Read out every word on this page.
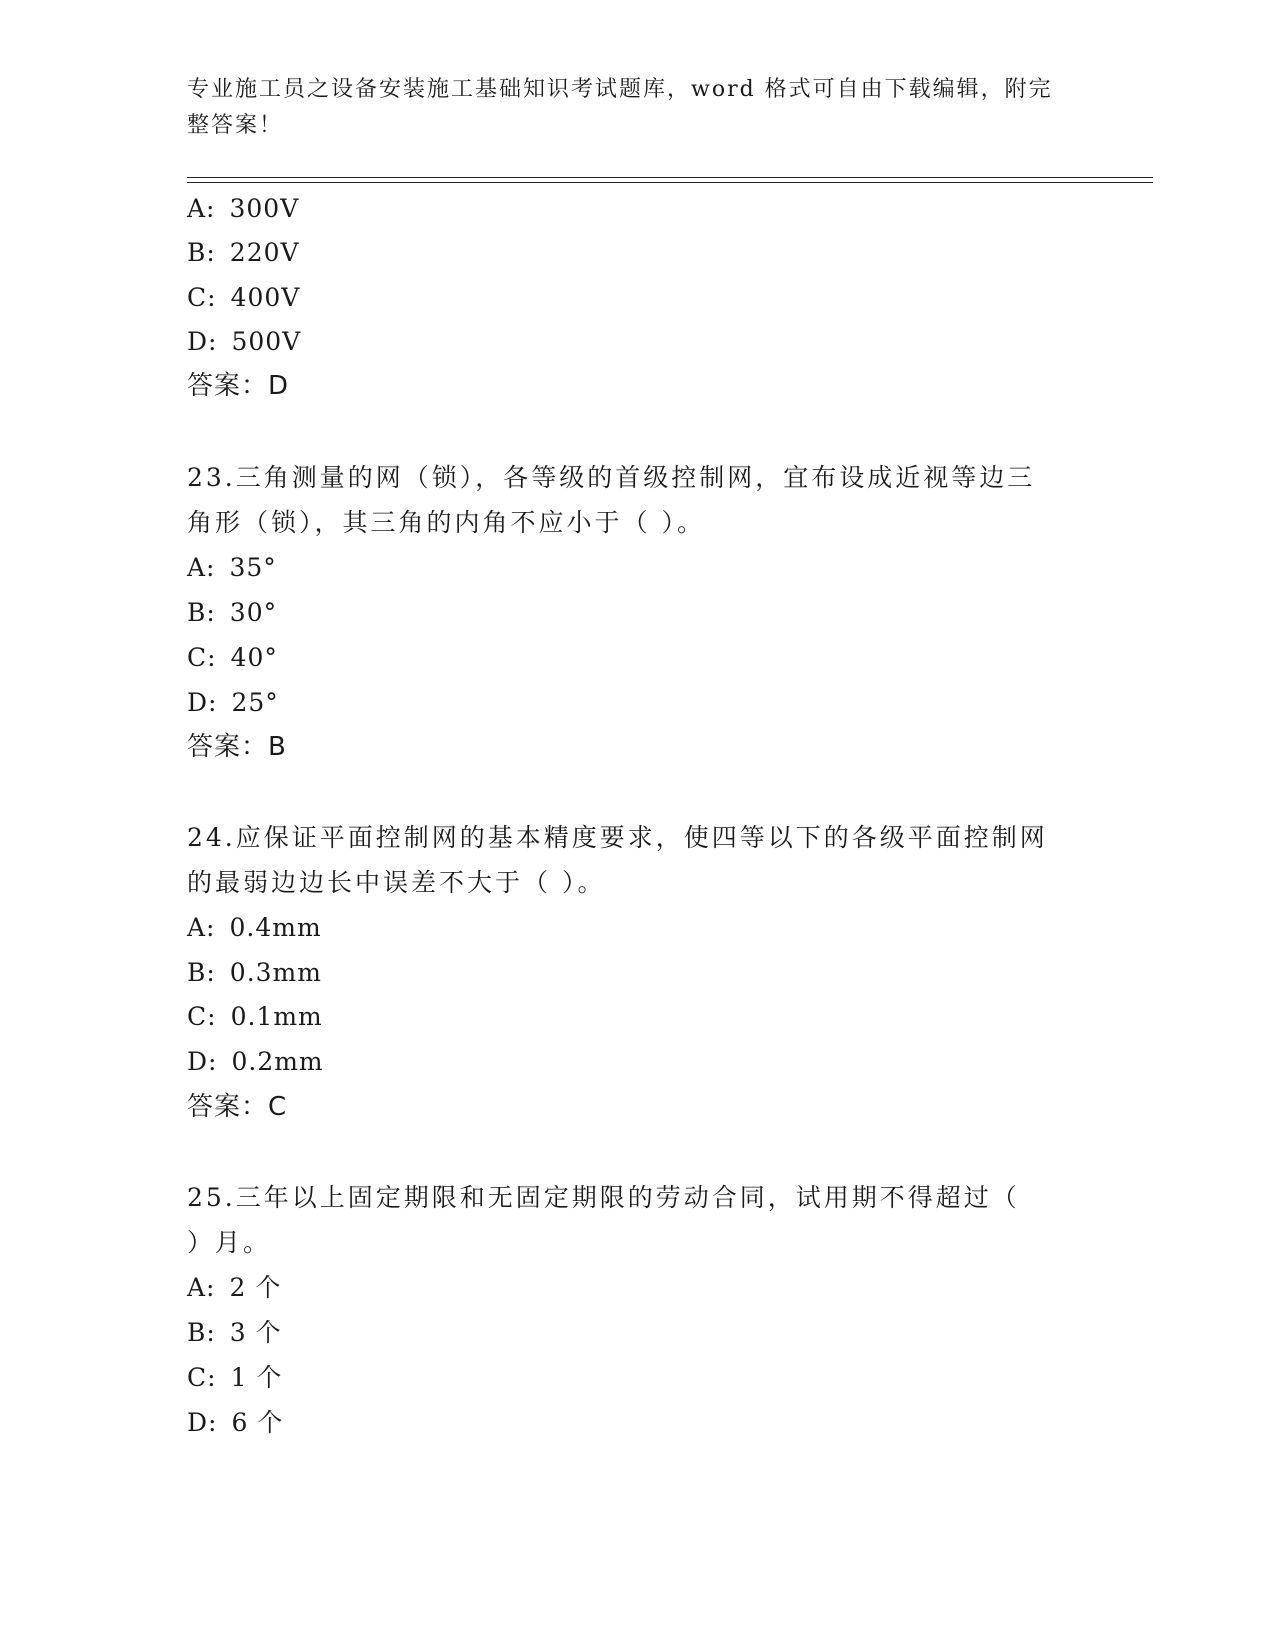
专业施工员之设备安装施工基础知识考试题库，word 格式可自由下载编辑，附完
整答案！
A: 300V
B: 220V
C: 400V
D: 500V
答案：D
23.三角测量的网（锁），各等级的首级控制网，宜布设成近视等边三
角形（锁），其三角的内角不应小于（ ）。
A: 35°
B: 30°
C: 40°
D: 25°
答案：B
24.应保证平面控制网的基本精度要求，使四等以下的各级平面控制网
的最弱边边长中误差不大于（ ）。
A: 0.4mm
B: 0.3mm
C: 0.1mm
D: 0.2mm
答案：C
25.三年以上固定期限和无固定期限的劳动合同，试用期不得超过（
）月。
A: 2 个
B: 3 个
C: 1 个
D: 6 个
